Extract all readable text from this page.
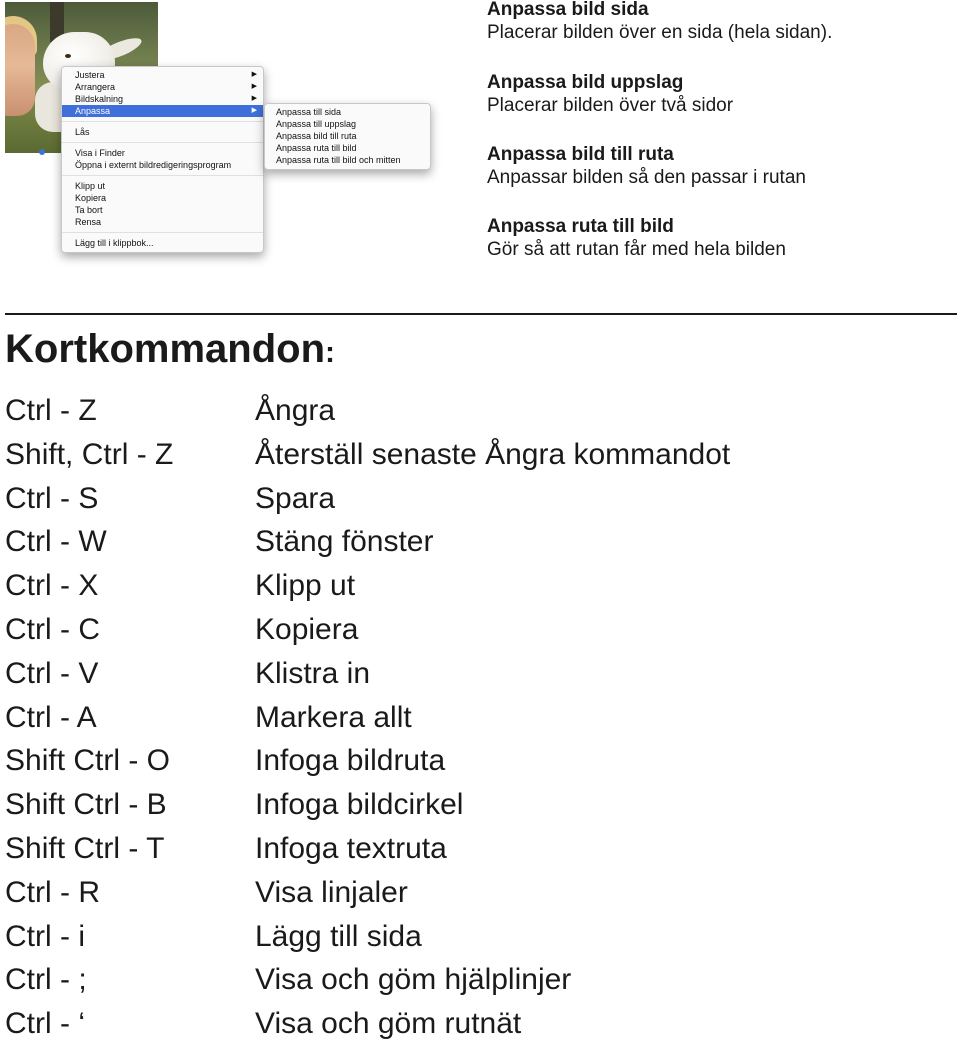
Justera	▶
Arrangera	▶
Bildskalning	▶
Anpassa	▶
Lås
Visa i Finder
Öppna i externt bildredigeringsprogram
Klipp ut
Kopiera
Ta bort
Rensa
Lägg till i klippbok...
Anpassa till sida
Anpassa till uppslag
Anpassa bild till ruta
Anpassa ruta till bild
Anpassa ruta till bild och mitten
Anpassa bild sida
Placerar bilden över en sida (hela sidan).
Anpassa bild uppslag
Placerar bilden över två sidor
Anpassa bild till ruta
Anpassar bilden så den passar i rutan
Anpassa ruta till bild
Gör så att rutan får med hela bilden
Kortkommandon:
Ctrl - Z	Ångra
Shift, Ctrl - Z	Återställ senaste Ångra kommandot
Ctrl - S	Spara
Ctrl - W	Stäng fönster
Ctrl - X	Klipp ut
Ctrl - C	Kopiera
Ctrl - V	Klistra in
Ctrl - A	Markera allt
Shift Ctrl - O	Infoga bildruta
Shift Ctrl - B	Infoga bildcirkel
Shift Ctrl - T	Infoga textruta
Ctrl - R	Visa linjaler
Ctrl - i	Lägg till sida
Ctrl - ;	Visa och göm hjälplinjer
Ctrl - ‘	Visa och göm rutnät
